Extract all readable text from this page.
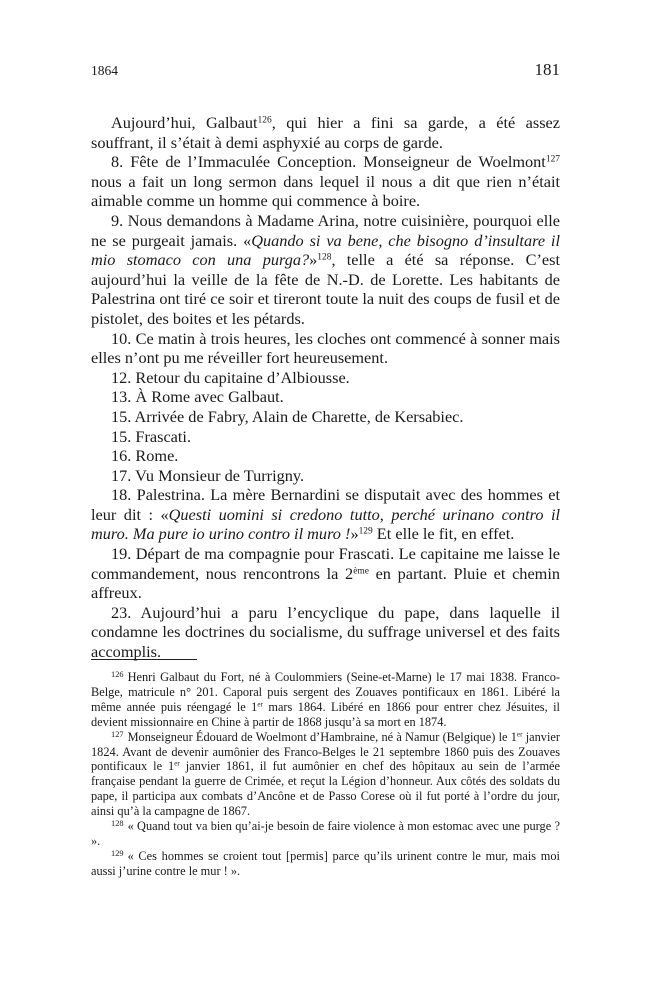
1864	181

Aujourd’hui, Galbaut$^{126}$, qui hier a fini sa garde, a été assez souffrant, il s’était à demi asphyxié au corps de garde.

8. Fête de l’Immaculée Conception. Monseigneur de Woelmont$^{127}$ nous a fait un long sermon dans lequel il nous a dit que rien n’était aimable comme un homme qui commence à boire.

9. Nous demandons à Madame Arina, notre cuisinière, pourquoi elle ne se purgeait jamais. «Quando si va bene, che bisogno d’insultare il mio stomaco con una purga?»$^{128}$, telle a été sa réponse. C’est aujourd’hui la veille de la fête de N.-D. de Lorette. Les habitants de Palestrina ont tiré ce soir et tireront toute la nuit des coups de fusil et de pistolet, des boites et les pétards.

10. Ce matin à trois heures, les cloches ont commencé à sonner mais elles n’ont pu me réveiller fort heureusement.

12. Retour du capitaine d’Albiousse.

13. À Rome avec Galbaut.

15. Arrivée de Fabry, Alain de Charette, de Kersabiec.

15. Frascati.

16. Rome.

17. Vu Monsieur de Turrigny.

18. Palestrina. La mère Bernardini se disputait avec des hommes et leur dit : «Questi uomini si credono tutto, perché urinano contro il muro. Ma pure io urino contro il muro !»$^{129}$ Et elle le fit, en effet.

19. Départ de ma compagnie pour Frascati. Le capitaine me laisse le commandement, nous rencontrons la 2ème en partant. Pluie et chemin affreux.

23. Aujourd’hui a paru l’encyclique du pape, dans laquelle il condamne les doctrines du socialisme, du suffrage universel et des faits accomplis.

$^{126}$ Henri Galbaut du Fort, né à Coulommiers (Seine-et-Marne) le 17 mai 1838. Franco-Belge, matricule n° 201. Caporal puis sergent des Zouaves pontificaux en 1861. Libéré la même année puis réengagé le 1er mars 1864. Libéré en 1866 pour entrer chez Jésuites, il devient missionnaire en Chine à partir de 1868 jusqu’à sa mort en 1874.

$^{127}$ Monseigneur Édouard de Woelmont d’Hambraine, né à Namur (Belgique) le 1er janvier 1824. Avant de devenir aumônier des Franco-Belges le 21 septembre 1860 puis des Zouaves pontificaux le 1er janvier 1861, il fut aumônier en chef des hôpitaux au sein de l’armée française pendant la guerre de Crimée, et reçut la Légion d’honneur. Aux côtés des soldats du pape, il participa aux combats d’Ancône et de Passo Corese où il fut porté à l’ordre du jour, ainsi qu’à la campagne de 1867.

$^{128}$ « Quand tout va bien qu’ai-je besoin de faire violence à mon estomac avec une purge ? ».

$^{129}$ « Ces hommes se croient tout [permis] parce qu’ils urinent contre le mur, mais moi aussi j’urine contre le mur ! ».
